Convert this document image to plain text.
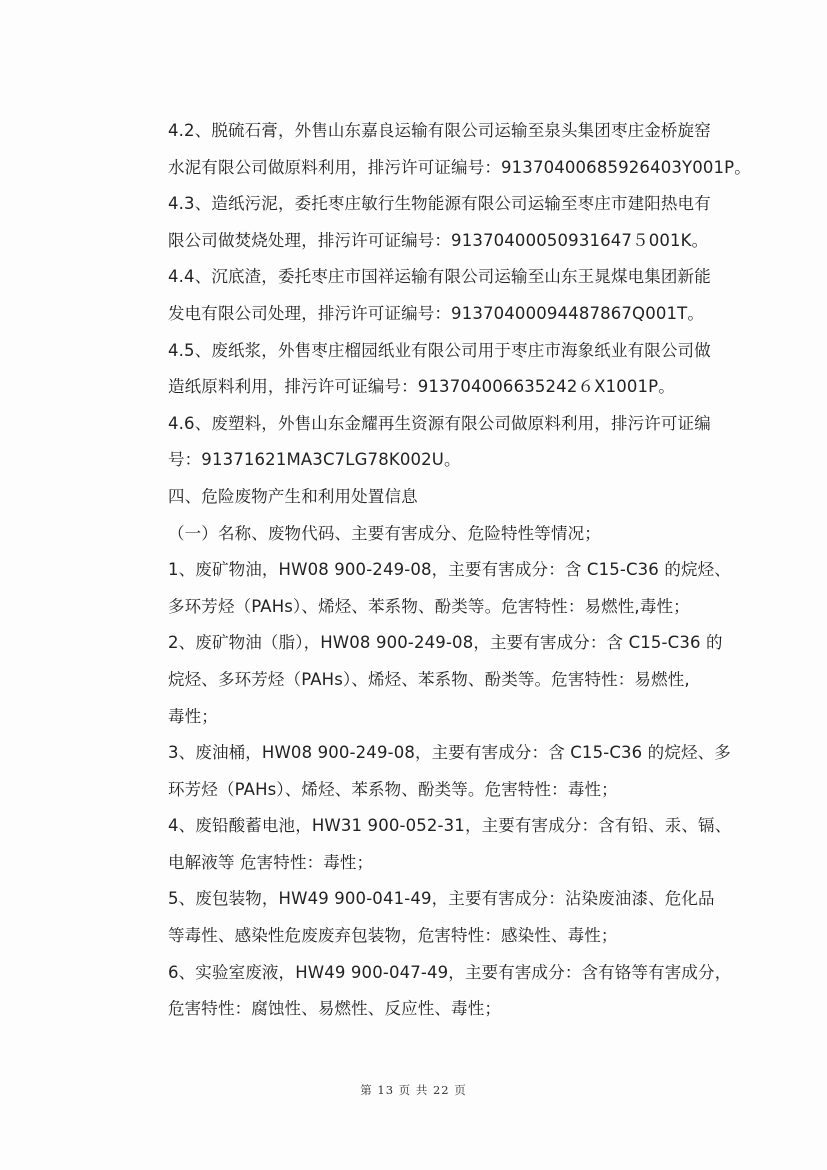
4.2、脱硫石膏，外售山东嘉良运输有限公司运输至泉头集团枣庄金桥旋窑
水泥有限公司做原料利用，排污许可证编号：91370400685926403Y001P。
4.3、造纸污泥，委托枣庄敏行生物能源有限公司运输至枣庄市建阳热电有
限公司做焚烧处理，排污许可证编号：91370400050931647５001K。
4.4、沉底渣，委托枣庄市国祥运输有限公司运输至山东王晁煤电集团新能
发电有限公司处理，排污许可证编号：91370400094487867Q001T。
4.5、废纸浆，外售枣庄榴园纸业有限公司用于枣庄市海象纸业有限公司做
造纸原料利用，排污许可证编号：913704006635242６X1001P。
4.6、废塑料，外售山东金耀再生资源有限公司做原料利用，排污许可证编
号：91371621MA3C7LG78K002U。
四、危险废物产生和利用处置信息
（一）名称、废物代码、主要有害成分、危险特性等情况；
1、废矿物油，HW08 900-249-08，主要有害成分：含 C15-C36 的烷烃、
多环芳烃（PAHs）、烯烃、苯系物、酚类等。危害特性：易燃性,毒性；
2、废矿物油（脂），HW08 900-249-08，主要有害成分：含 C15-C36 的
烷烃、多环芳烃（PAHs）、烯烃、苯系物、酚类等。危害特性：易燃性,
毒性；
3、废油桶，HW08 900-249-08，主要有害成分：含 C15-C36 的烷烃、多
环芳烃（PAHs）、烯烃、苯系物、酚类等。危害特性：毒性；
4、废铅酸蓄电池，HW31 900-052-31，主要有害成分：含有铅、汞、镉、
电解液等 危害特性：毒性；
5、废包装物，HW49 900-041-49，主要有害成分：沾染废油漆、危化品
等毒性、感染性危废废弃包装物，危害特性：感染性、毒性；
6、实验室废液，HW49 900-047-49，主要有害成分：含有铬等有害成分，
危害特性：腐蚀性、易燃性、反应性、毒性；
第 13 页 共 22 页
